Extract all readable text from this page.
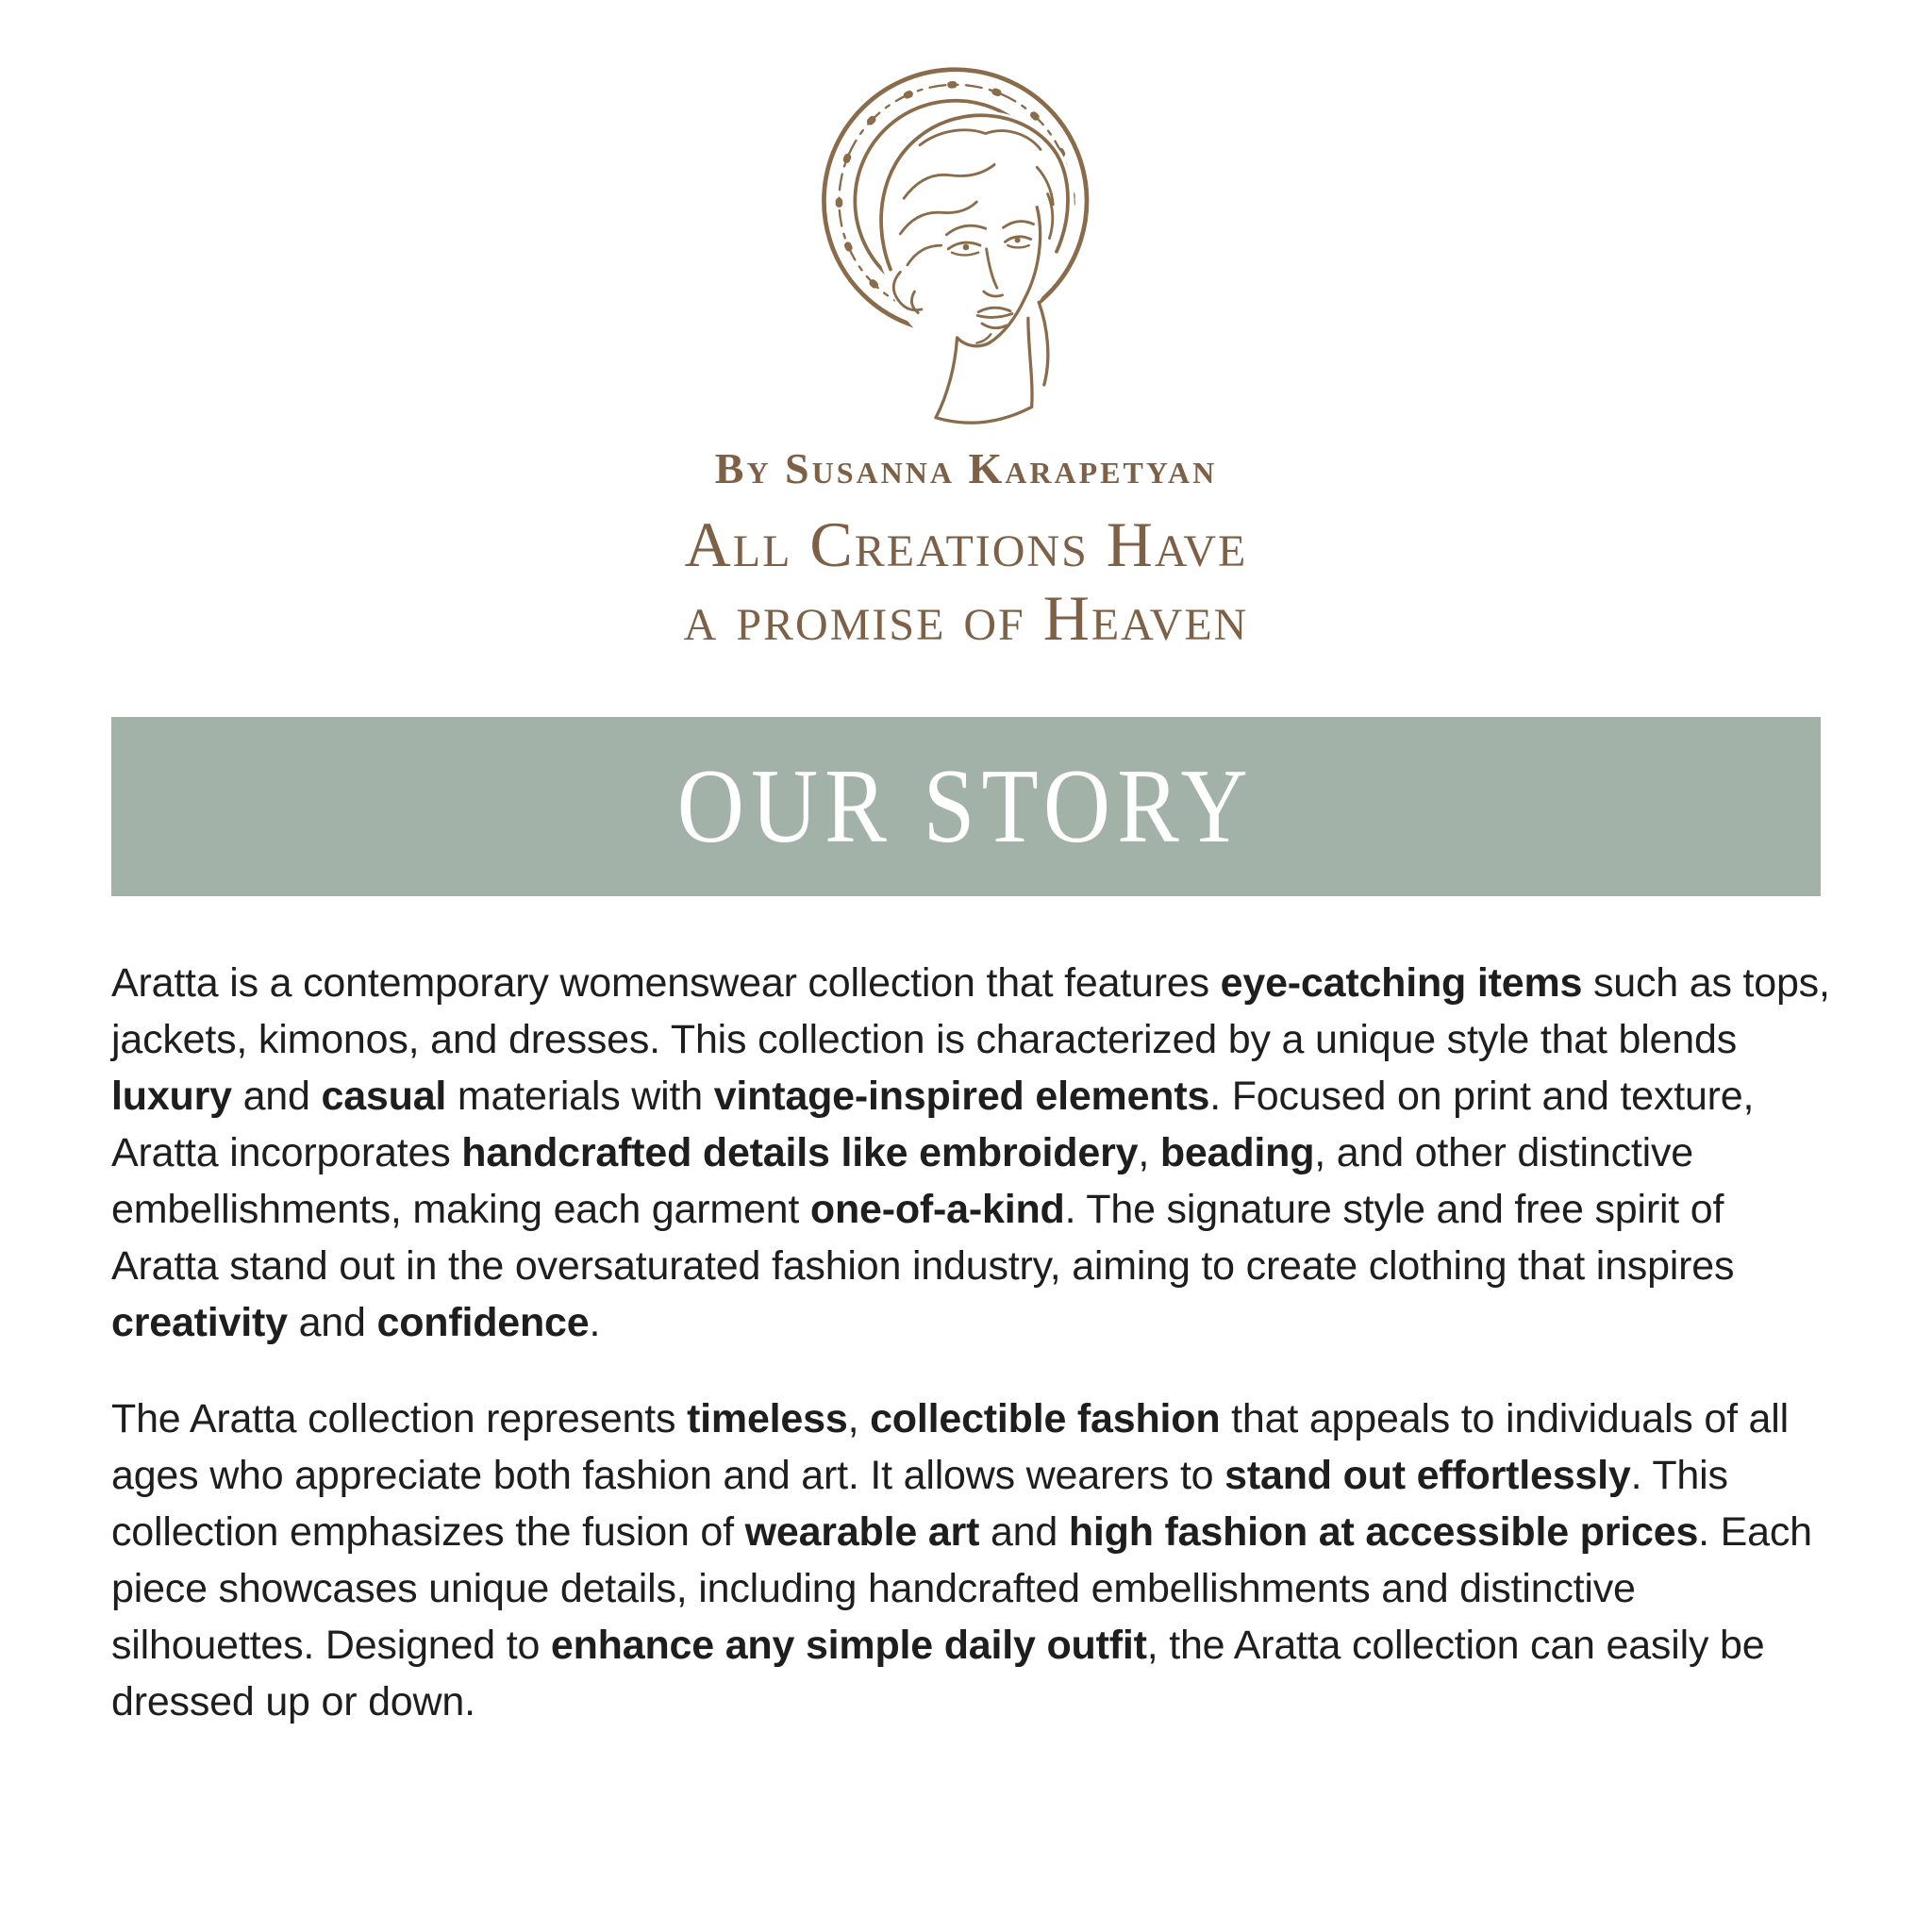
By Susanna Karapetyan
All Creations Have
a promise of Heaven
OUR STORY

Aratta is a contemporary womenswear collection that features eye-catching items such as tops, jackets, kimonos, and dresses. This collection is characterized by a unique style that blends luxury and casual materials with vintage-inspired elements. Focused on print and texture, Aratta incorporates handcrafted details like embroidery, beading, and other distinctive embellishments, making each garment one-of-a-kind. The signature style and free spirit of Aratta stand out in the oversaturated fashion industry, aiming to create clothing that inspires creativity and confidence.

The Aratta collection represents timeless, collectible fashion that appeals to individuals of all ages who appreciate both fashion and art. It allows wearers to stand out effortlessly. This collection emphasizes the fusion of wearable art and high fashion at accessible prices. Each piece showcases unique details, including handcrafted embellishments and distinctive silhouettes. Designed to enhance any simple daily outfit, the Aratta collection can easily be dressed up or down.
